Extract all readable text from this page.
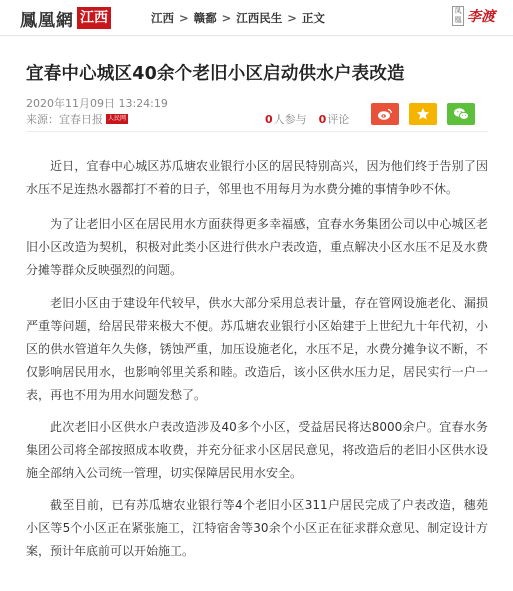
鳳凰網 江西	江西 > 赣鄱 > 江西民生 > 正文	凤凰 李渡
宜春中心城区40余个老旧小区启动供水户表改造
2020年11月09日 13:24:19
来源：宜春日报 人民网	0人参与 0评论

近日，宜春中心城区苏瓜塘农业银行小区的居民特别高兴，因为他们终于告别了因水压不足连热水器都打不着的日子，邻里也不用每月为水费分摊的事情争吵不休。

为了让老旧小区在居民用水方面获得更多幸福感，宜春水务集团公司以中心城区老旧小区改造为契机，积极对此类小区进行供水户表改造，重点解决小区水压不足及水费分摊等群众反映强烈的问题。

老旧小区由于建设年代较早，供水大部分采用总表计量，存在管网设施老化、漏损严重等问题，给居民带来极大不便。苏瓜塘农业银行小区始建于上世纪九十年代初，小区的供水管道年久失修，锈蚀严重，加压设施老化，水压不足，水费分摊争议不断，不仅影响居民用水，也影响邻里关系和睦。改造后，该小区供水压力足，居民实行一户一表，再也不用为用水问题发愁了。

此次老旧小区供水户表改造涉及40多个小区，受益居民将达8000余户。宜春水务集团公司将全部按照成本收费，并充分征求小区居民意见，将改造后的老旧小区供水设施全部纳入公司统一管理，切实保障居民用水安全。

截至目前，已有苏瓜塘农业银行等4个老旧小区311户居民完成了户表改造，穗苑小区等5个小区正在紧张施工，江特宿舍等30余个小区正在征求群众意见、制定设计方案，预计年底前可以开始施工。
